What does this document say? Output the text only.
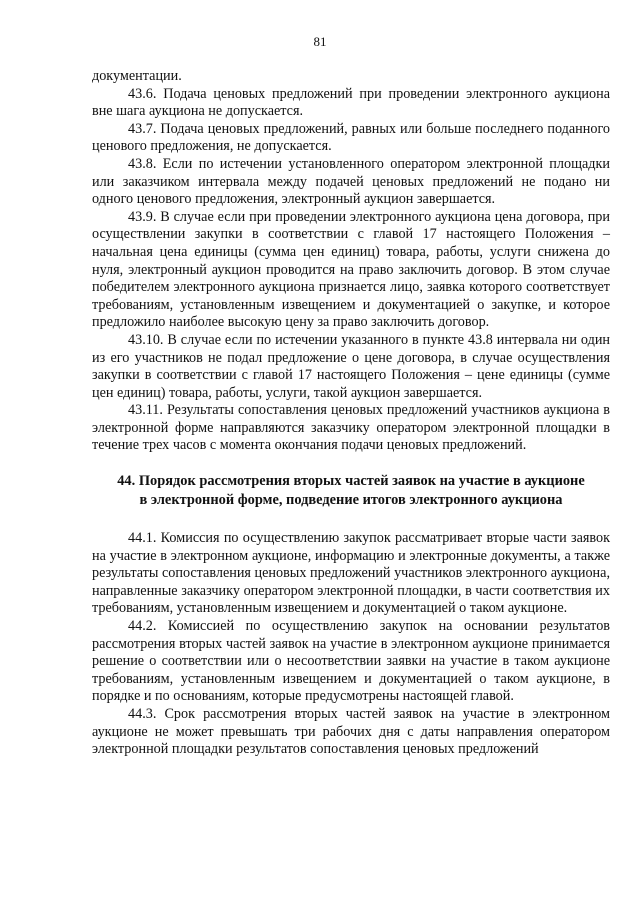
81

документации.

43.6. Подача ценовых предложений при проведении электронного аукциона вне шага аукциона не допускается.

43.7. Подача ценовых предложений, равных или больше последнего поданного ценового предложения, не допускается.

43.8. Если по истечении установленного оператором электронной площадки или заказчиком интервала между подачей ценовых предложений не подано ни одного ценового предложения, электронный аукцион завершается.

43.9. В случае если при проведении электронного аукциона цена договора, при осуществлении закупки в соответствии с главой 17 настоящего Положения – начальная цена единицы (сумма цен единиц) товара, работы, услуги снижена до нуля, электронный аукцион проводится на право заключить договор. В этом случае победителем электронного аукциона признается лицо, заявка которого соответствует требованиям, установленным извещением и документацией о закупке, и которое предложило наиболее высокую цену за право заключить договор.

43.10. В случае если по истечении указанного в пункте 43.8 интервала ни один из его участников не подал предложение о цене договора, в случае осуществления закупки в соответствии с главой 17 настоящего Положения – цене единицы (сумме цен единиц) товара, работы, услуги, такой аукцион завершается.

43.11. Результаты сопоставления ценовых предложений участников аукциона в электронной форме направляются заказчику оператором электронной площадки в течение трех часов с момента окончания подачи ценовых предложений.

44. Порядок рассмотрения вторых частей заявок на участие в аукционе
в электронной форме, подведение итогов электронного аукциона

44.1. Комиссия по осуществлению закупок рассматривает вторые части заявок на участие в электронном аукционе, информацию и электронные документы, а также результаты сопоставления ценовых предложений участников электронного аукциона, направленные заказчику оператором электронной площадки, в части соответствия их требованиям, установленным извещением и документацией о таком аукционе.

44.2. Комиссией по осуществлению закупок на основании результатов рассмотрения вторых частей заявок на участие в электронном аукционе принимается решение о соответствии или о несоответствии заявки на участие в таком аукционе требованиям, установленным извещением и документацией о таком аукционе, в порядке и по основаниям, которые предусмотрены настоящей главой.

44.3. Срок рассмотрения вторых частей заявок на участие в электронном аукционе не может превышать три рабочих дня с даты направления оператором электронной площадки результатов сопоставления ценовых предложений
